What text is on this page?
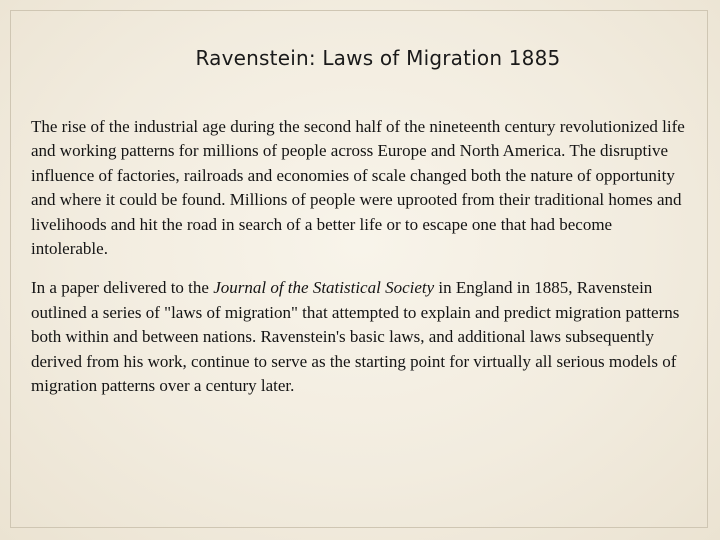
Ravenstein: Laws of Migration 1885

The rise of the industrial age during the second half of the nineteenth century revolutionized life and working patterns for millions of people across Europe and North America. The disruptive influence of factories, railroads and economies of scale changed both the nature of opportunity and where it could be found. Millions of people were uprooted from their traditional homes and livelihoods and hit the road in search of a better life or to escape one that had become intolerable.

In a paper delivered to the Journal of the Statistical Society in England in 1885, Ravenstein outlined a series of "laws of migration" that attempted to explain and predict migration patterns both within and between nations. Ravenstein's basic laws, and additional laws subsequently derived from his work, continue to serve as the starting point for virtually all serious models of migration patterns over a century later.
